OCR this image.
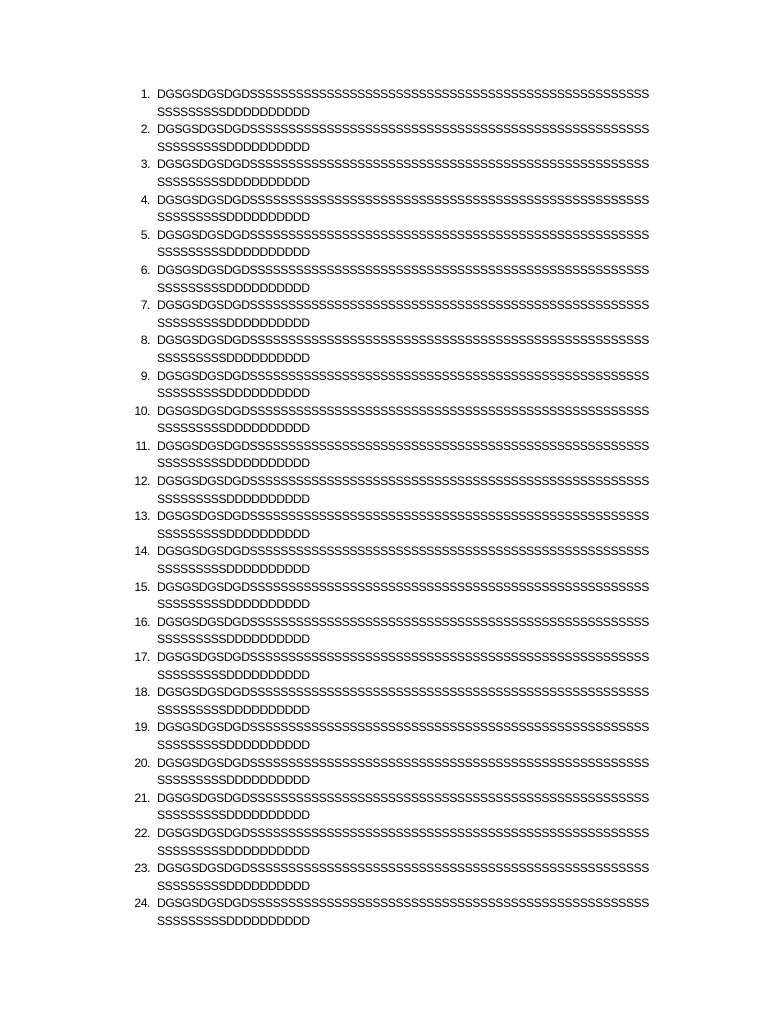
1. DGSGSDGSDGDSSSSSSSSSSSSSSSSSSSSSSSSSSSSSSSSSSSSSSSSSSSSSSSSSSSSSSSSSSSSSDDDDDDDDDD
2. DGSGSDGSDGDSSSSSSSSSSSSSSSSSSSSSSSSSSSSSSSSSSSSSSSSSSSSSSSSSSSSSSSSSSSSSDDDDDDDDDD
3. DGSGSDGSDGDSSSSSSSSSSSSSSSSSSSSSSSSSSSSSSSSSSSSSSSSSSSSSSSSSSSSSSSSSSSSSDDDDDDDDDD
4. DGSGSDGSDGDSSSSSSSSSSSSSSSSSSSSSSSSSSSSSSSSSSSSSSSSSSSSSSSSSSSSSSSSSSSSSDDDDDDDDDD
5. DGSGSDGSDGDSSSSSSSSSSSSSSSSSSSSSSSSSSSSSSSSSSSSSSSSSSSSSSSSSSSSSSSSSSSSSDDDDDDDDDD
6. DGSGSDGSDGDSSSSSSSSSSSSSSSSSSSSSSSSSSSSSSSSSSSSSSSSSSSSSSSSSSSSSSSSSSSSSDDDDDDDDDD
7. DGSGSDGSDGDSSSSSSSSSSSSSSSSSSSSSSSSSSSSSSSSSSSSSSSSSSSSSSSSSSSSSSSSSSSSSDDDDDDDDDD
8. DGSGSDGSDGDSSSSSSSSSSSSSSSSSSSSSSSSSSSSSSSSSSSSSSSSSSSSSSSSSSSSSSSSSSSSSDDDDDDDDDD
9. DGSGSDGSDGDSSSSSSSSSSSSSSSSSSSSSSSSSSSSSSSSSSSSSSSSSSSSSSSSSSSSSSSSSSSSSDDDDDDDDDD
10. DGSGSDGSDGDSSSSSSSSSSSSSSSSSSSSSSSSSSSSSSSSSSSSSSSSSSSSSSSSSSSSSSSSSSSSSDDDDDDDDDD
11. DGSGSDGSDGDSSSSSSSSSSSSSSSSSSSSSSSSSSSSSSSSSSSSSSSSSSSSSSSSSSSSSSSSSSSSSDDDDDDDDDD
12. DGSGSDGSDGDSSSSSSSSSSSSSSSSSSSSSSSSSSSSSSSSSSSSSSSSSSSSSSSSSSSSSSSSSSSSSDDDDDDDDDD
13. DGSGSDGSDGDSSSSSSSSSSSSSSSSSSSSSSSSSSSSSSSSSSSSSSSSSSSSSSSSSSSSSSSSSSSSSDDDDDDDDDD
14. DGSGSDGSDGDSSSSSSSSSSSSSSSSSSSSSSSSSSSSSSSSSSSSSSSSSSSSSSSSSSSSSSSSSSSSSDDDDDDDDDD
15. DGSGSDGSDGDSSSSSSSSSSSSSSSSSSSSSSSSSSSSSSSSSSSSSSSSSSSSSSSSSSSSSSSSSSSSSDDDDDDDDDD
16. DGSGSDGSDGDSSSSSSSSSSSSSSSSSSSSSSSSSSSSSSSSSSSSSSSSSSSSSSSSSSSSSSSSSSSSSDDDDDDDDDD
17. DGSGSDGSDGDSSSSSSSSSSSSSSSSSSSSSSSSSSSSSSSSSSSSSSSSSSSSSSSSSSSSSSSSSSSSSDDDDDDDDDD
18. DGSGSDGSDGDSSSSSSSSSSSSSSSSSSSSSSSSSSSSSSSSSSSSSSSSSSSSSSSSSSSSSSSSSSSSSDDDDDDDDDD
19. DGSGSDGSDGDSSSSSSSSSSSSSSSSSSSSSSSSSSSSSSSSSSSSSSSSSSSSSSSSSSSSSSSSSSSSSDDDDDDDDDD
20. DGSGSDGSDGDSSSSSSSSSSSSSSSSSSSSSSSSSSSSSSSSSSSSSSSSSSSSSSSSSSSSSSSSSSSSSDDDDDDDDDD
21. DGSGSDGSDGDSSSSSSSSSSSSSSSSSSSSSSSSSSSSSSSSSSSSSSSSSSSSSSSSSSSSSSSSSSSSSDDDDDDDDDD
22. DGSGSDGSDGDSSSSSSSSSSSSSSSSSSSSSSSSSSSSSSSSSSSSSSSSSSSSSSSSSSSSSSSSSSSSSDDDDDDDDDD
23. DGSGSDGSDGDSSSSSSSSSSSSSSSSSSSSSSSSSSSSSSSSSSSSSSSSSSSSSSSSSSSSSSSSSSSSSDDDDDDDDDD
24. DGSGSDGSDGDSSSSSSSSSSSSSSSSSSSSSSSSSSSSSSSSSSSSSSSSSSSSSSSSSSSSSSSSSSSSSDDDDDDDDDD
